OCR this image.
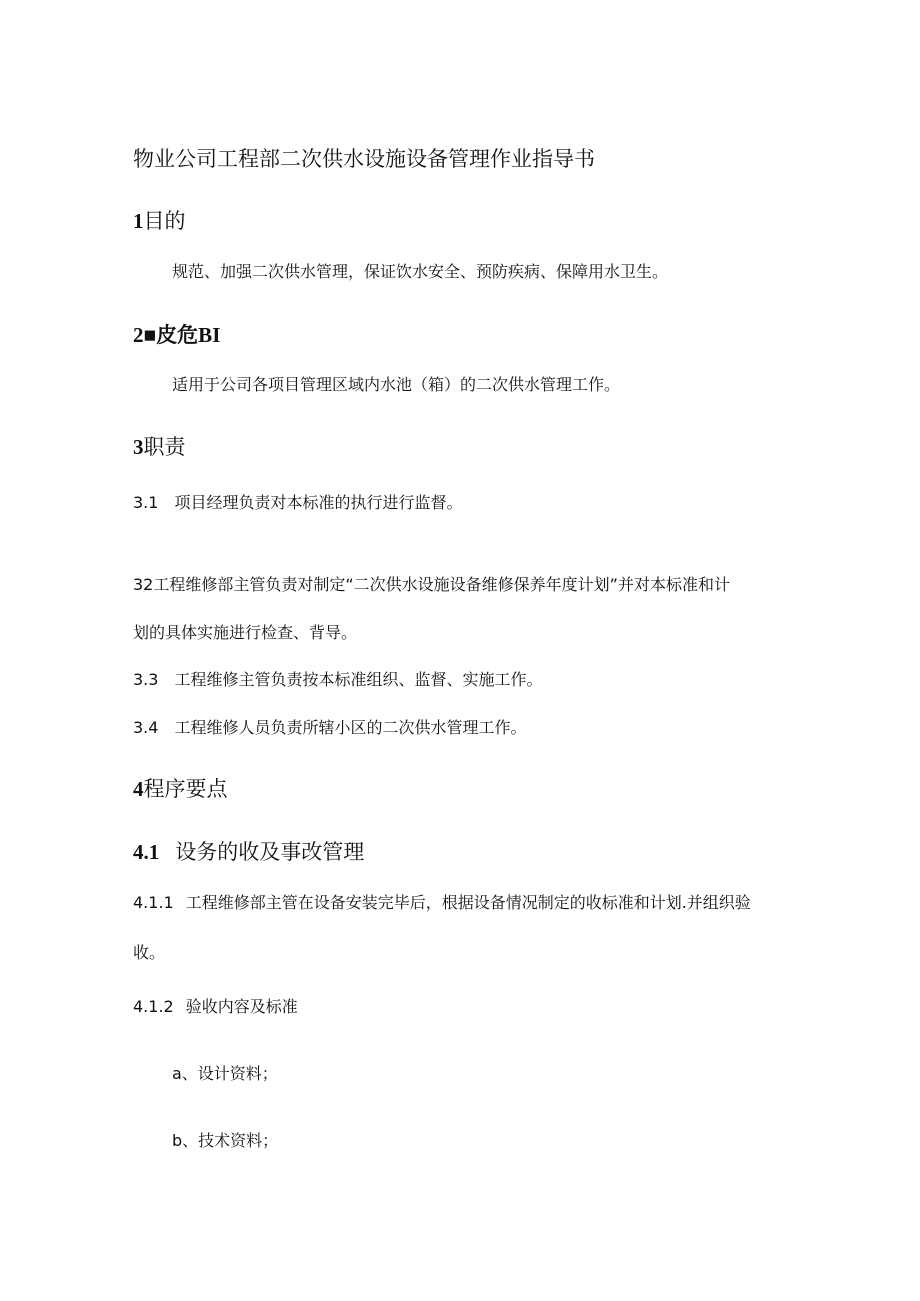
物业公司工程部二次供水设施设备管理作业指导书
1目的
规范、加强二次供水管理，保证饮水安全、预防疾病、保障用水卫生。
2■皮危BI
适用于公司各项目管理区域内水池（箱）的二次供水管理工作。
3职责
3.1 项目经理负责对本标准的执行进行监督。
32工程维修部主管负责对制定“二次供水设施设备维修保养年度计划”并对本标准和计
划的具体实施进行检查、背导。
3.3 工程维修主管负责按本标准组织、监督、实施工作。
3.4 工程维修人员负责所辖小区的二次供水管理工作。
4程序要点
4.1 设务的收及事改管理
4.1.1 工程维修部主管在设备安装完毕后，根据设备情况制定的收标准和计划.并组织验
收。
4.1.2 验收内容及标准
a、设计资料；
b、技术资料；
